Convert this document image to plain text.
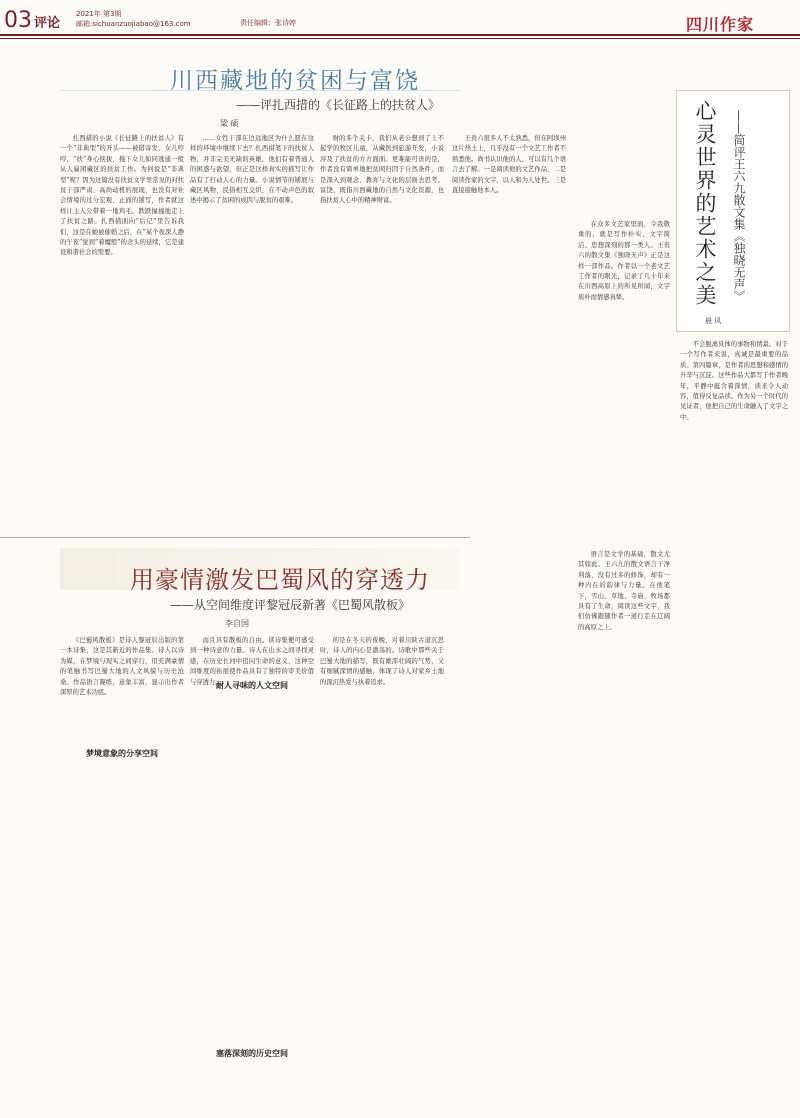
03 评论
2021年 第3期
邮箱:sichuanzuojiabao@163.com	责任编辑：张诗婷	四川作家
川西藏地的贫困与富饶
——评扎西措的《长征路上的扶贫人》
梁 硕

扎西措的小说《长征路上的扶贫人》有一个“非典型”的开头——被错寄发，女儿哼哼，“扶”身心挟拔，拖下女儿如同逃通一般从人扁困藏区的扶贫工作。为何说是“非典型”呢？因为这篇没有扶贫文学里常见的对扶贫干部严肃、高尚动机的展现，也没有对社会情境的过分宏观、正面的铺写，作者就这样让主人公带着一地鸡毛，跌跌撞撞地走上了扶贫之路。扎西措面向“后记”里告诉我们，这是在她被催婚之后，在“某个夜深人静的午夜”觉到“着魔般”的念头的延续，它是建设和谐社会的需要。

……女性干部在边远地区为什么愿在这样的环境中继续下去？扎西措笔下的扶贫人物，并非完美无缺的英雄，他们有着普通人的困惑与欲望，但正是这样真实的描写让作品有了打动人心的力量。小说情节的铺展与藏区风物、民俗相互交织，在不动声色的叙述中揭示了贫困的成因与脱贫的艰难。

财的多个关卡，我们从老公想到了上不起学的牧区儿童，从藏医到旅游开发，小说涉及了扶贫的方方面面。更难能可贵的是，作者没有简单地把贫困归因于自然条件，而是深入到观念、教育与文化的层面去思考。富饶，既指川西藏地的自然与文化资源，也指扶贫人心中的精神财富。

王贵六很多人不太熟悉，但在阿坝州这片热土上，几乎没有一个文艺工作者不熟悉他。尚书认识他的人，可以有几个语言去了解。一是阅读他的文艺作品，二是阅读作家的文字，以人和为人处世。三是直接接触他本人。	心灵世界的艺术之美	——简评王六九散文集《独晓无声》
晨 风

在众多文艺家里面，令我敬重的，就是写作朴实、文字简洁、思想深刻的那一类人。王贵六的散文集《独晓无声》正是这样一部作品。作者以一个老文艺工作者的眼光，记录了几十年来在川西高原上的所见所闻，文字质朴而情感真挚。

语言是文学的基础，散文尤其如此。王六九的散文语言干净利落，没有过多的修饰，却有一种内在的韵律与力量。在他笔下，雪山、草地、寺庙、牧场都具有了生命，阅读这些文字，我们仿佛跟随作者一道行走在辽阔的高原之上。

不会脱离具体的事物和情景。对于一个写作者来说，真诚是最重要的品质。第四篇章，是作者的思想和感情的升华与沉淀。这些作品大都写于作者晚年，平静中蕴含着深情，读来令人动容，值得反复品读。作为另一个时代的见证者，他把自己的生命融入了文字之中。

用豪情激发巴蜀风的穿透力
——从空间维度评黎冠辰新著《巴蜀风散板》
李自国

《巴蜀风散板》是诗人黎冠辰出版的第一本诗集，这是其新近的作品集。诗人以诗为媒，在梦境与现实之间穿行，用充满豪情的笔触书写巴蜀大地的人文风貌与历史沧桑。作品语言凝练，意象丰富，显示出作者深厚的艺术功底。

梦境意象的分享空间

而且具有散板的自由。读诗集便可感受到一种诗意的力量。诗人在山水之间寻找灵感，在历史长河中追问生命的意义，这种空间维度的拓展使作品具有了独特的审美价值与穿透力。

耐人寻味的人文空间
塞落深刻的历史空间

的是在冬天的夜晚，对着川陕古道沉思时，诗人的内心是激荡的。诗歌中那些关于巴蜀大地的描写，既有雄浑壮阔的气势，又有细腻深情的感触，体现了诗人对家乡土地的深沉热爱与执着追求。
